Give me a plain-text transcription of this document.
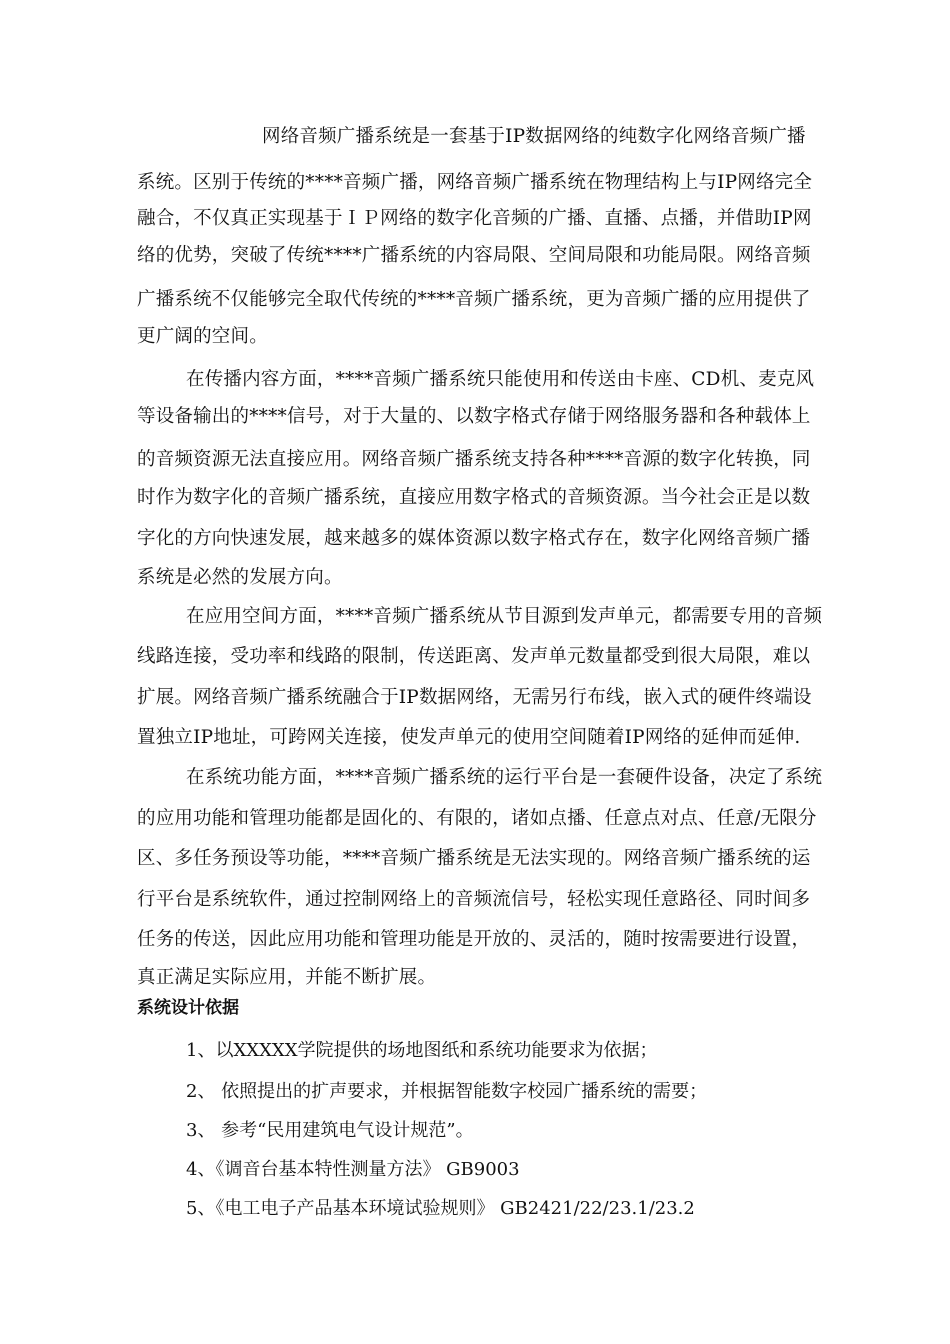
网络音频广播系统是一套基于IP数据网络的纯数字化网络音频广播
系统。区别于传统的****音频广播，网络音频广播系统在物理结构上与IP网络完全
融合，不仅真正实现基于ＩＰ网络的数字化音频的广播、直播、点播，并借助IP网
络的优势，突破了传统****广播系统的内容局限、空间局限和功能局限。网络音频
广播系统不仅能够完全取代传统的****音频广播系统，更为音频广播的应用提供了
更广阔的空间。
在传播内容方面，****音频广播系统只能使用和传送由卡座、CD机、麦克风
等设备输出的****信号，对于大量的、以数字格式存储于网络服务器和各种载体上
的音频资源无法直接应用。网络音频广播系统支持各种****音源的数字化转换，同
时作为数字化的音频广播系统，直接应用数字格式的音频资源。当今社会正是以数
字化的方向快速发展，越来越多的媒体资源以数字格式存在，数字化网络音频广播
系统是必然的发展方向。
在应用空间方面，****音频广播系统从节目源到发声单元，都需要专用的音频
线路连接，受功率和线路的限制，传送距离、发声单元数量都受到很大局限，难以
扩展。网络音频广播系统融合于IP数据网络，无需另行布线，嵌入式的硬件终端设
置独立IP地址，可跨网关连接，使发声单元的使用空间随着IP网络的延伸而延伸.
在系统功能方面，****音频广播系统的运行平台是一套硬件设备，决定了系统
的应用功能和管理功能都是固化的、有限的，诸如点播、任意点对点、任意/无限分
区、多任务预设等功能，****音频广播系统是无法实现的。网络音频广播系统的运
行平台是系统软件，通过控制网络上的音频流信号，轻松实现任意路径、同时间多
任务的传送，因此应用功能和管理功能是开放的、灵活的，随时按需要进行设置，
真正满足实际应用，并能不断扩展。
系统设计依据
1、以XXXXX学院提供的场地图纸和系统功能要求为依据；
2、 依照提出的扩声要求，并根据智能数字校园广播系统的需要；
3、 参考“民用建筑电气设计规范”。
4、《调音台基本特性测量方法》 GB9003
5、《电工电子产品基本环境试验规则》 GB2421/22/23.1/23.2
